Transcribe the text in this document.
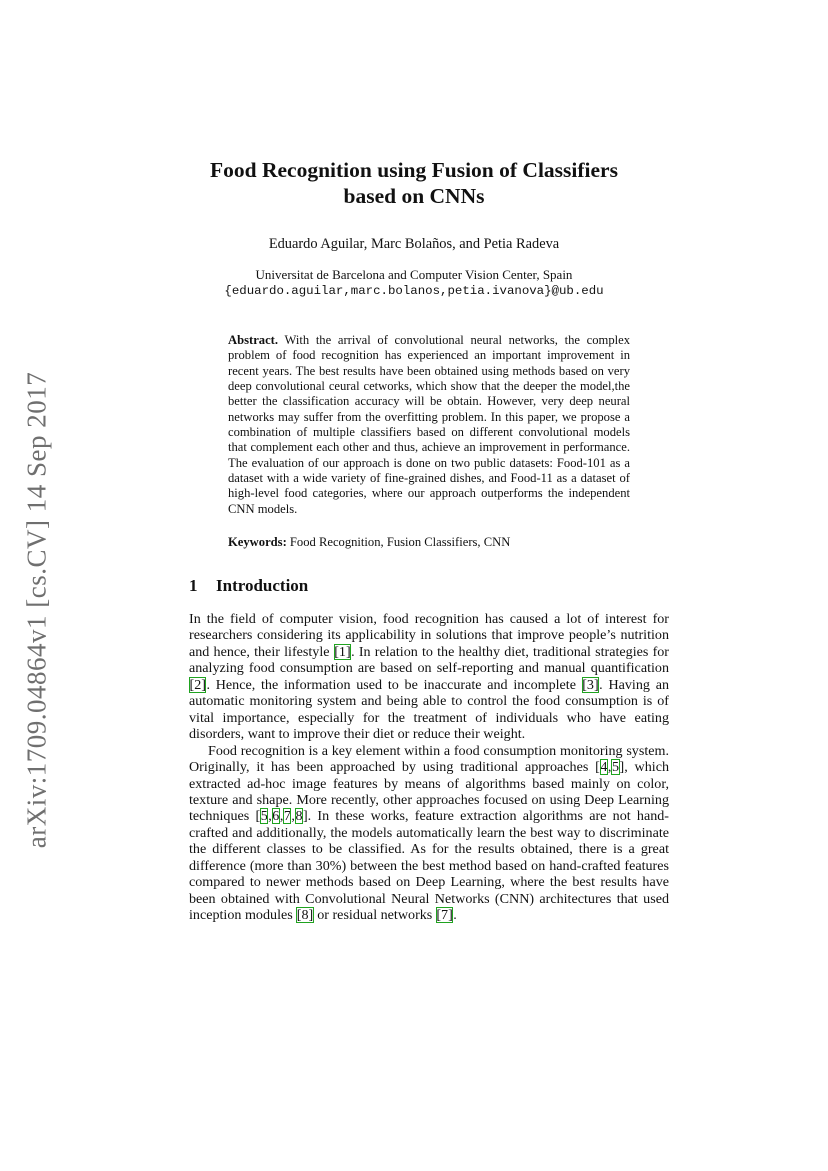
arXiv:1709.04864v1 [cs.CV] 14 Sep 2017
Food Recognition using Fusion of Classifiers
based on CNNs
Eduardo Aguilar, Marc Bolaños, and Petia Radeva
Universitat de Barcelona and Computer Vision Center, Spain
{eduardo.aguilar,marc.bolanos,petia.ivanova}@ub.edu
Abstract. With the arrival of convolutional neural networks, the complex problem of food recognition has experienced an important improvement in recent years. The best results have been obtained using methods based on very deep convolutional ceural cetworks, which show that the deeper the model,the better the classification accuracy will be obtain. However, very deep neural networks may suffer from the overfitting problem. In this paper, we propose a combination of multiple classifiers based on different convolutional models that complement each other and thus, achieve an improvement in performance. The evaluation of our approach is done on two public datasets: Food-101 as a dataset with a wide variety of fine-grained dishes, and Food-11 as a dataset of high-level food categories, where our approach outperforms the independent CNN models.
Keywords: Food Recognition, Fusion Classifiers, CNN
1 Introduction

In the field of computer vision, food recognition has caused a lot of interest for researchers considering its applicability in solutions that improve people’s nutrition and hence, their lifestyle [1]. In relation to the healthy diet, traditional strategies for analyzing food consumption are based on self-reporting and manual quantification [2]. Hence, the information used to be inaccurate and incomplete [3]. Having an automatic monitoring system and being able to control the food consumption is of vital importance, especially for the treatment of individuals who have eating disorders, want to improve their diet or reduce their weight.

Food recognition is a key element within a food consumption monitoring system. Originally, it has been approached by using traditional approaches [4,5], which extracted ad-hoc image features by means of algorithms based mainly on color, texture and shape. More recently, other approaches focused on using Deep Learning techniques [5,6,7,8]. In these works, feature extraction algorithms are not hand-crafted and additionally, the models automatically learn the best way to discriminate the different classes to be classified. As for the results obtained, there is a great difference (more than 30%) between the best method based on hand-crafted features compared to newer methods based on Deep Learning, where the best results have been obtained with Convolutional Neural Networks (CNN) architectures that used inception modules [8] or residual networks [7].
